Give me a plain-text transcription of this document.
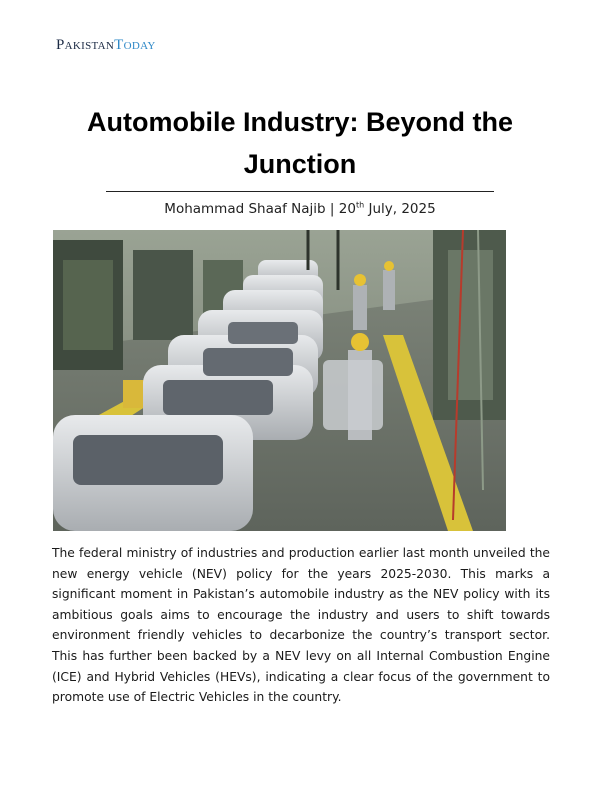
PakistanToday
Automobile Industry: Beyond the Junction
Mohammad Shaaf Najib | 20th July, 2025

The federal ministry of industries and production earlier last month unveiled the new energy vehicle (NEV) policy for the years 2025-2030. This marks a significant moment in Pakistan’s automobile industry as the NEV policy with its ambitious goals aims to encourage the industry and users to shift towards environment friendly vehicles to decarbonize the country’s transport sector. This has further been backed by a NEV levy on all Internal Combustion Engine (ICE) and Hybrid Vehicles (HEVs), indicating a clear focus of the government to promote use of Electric Vehicles in the country.
